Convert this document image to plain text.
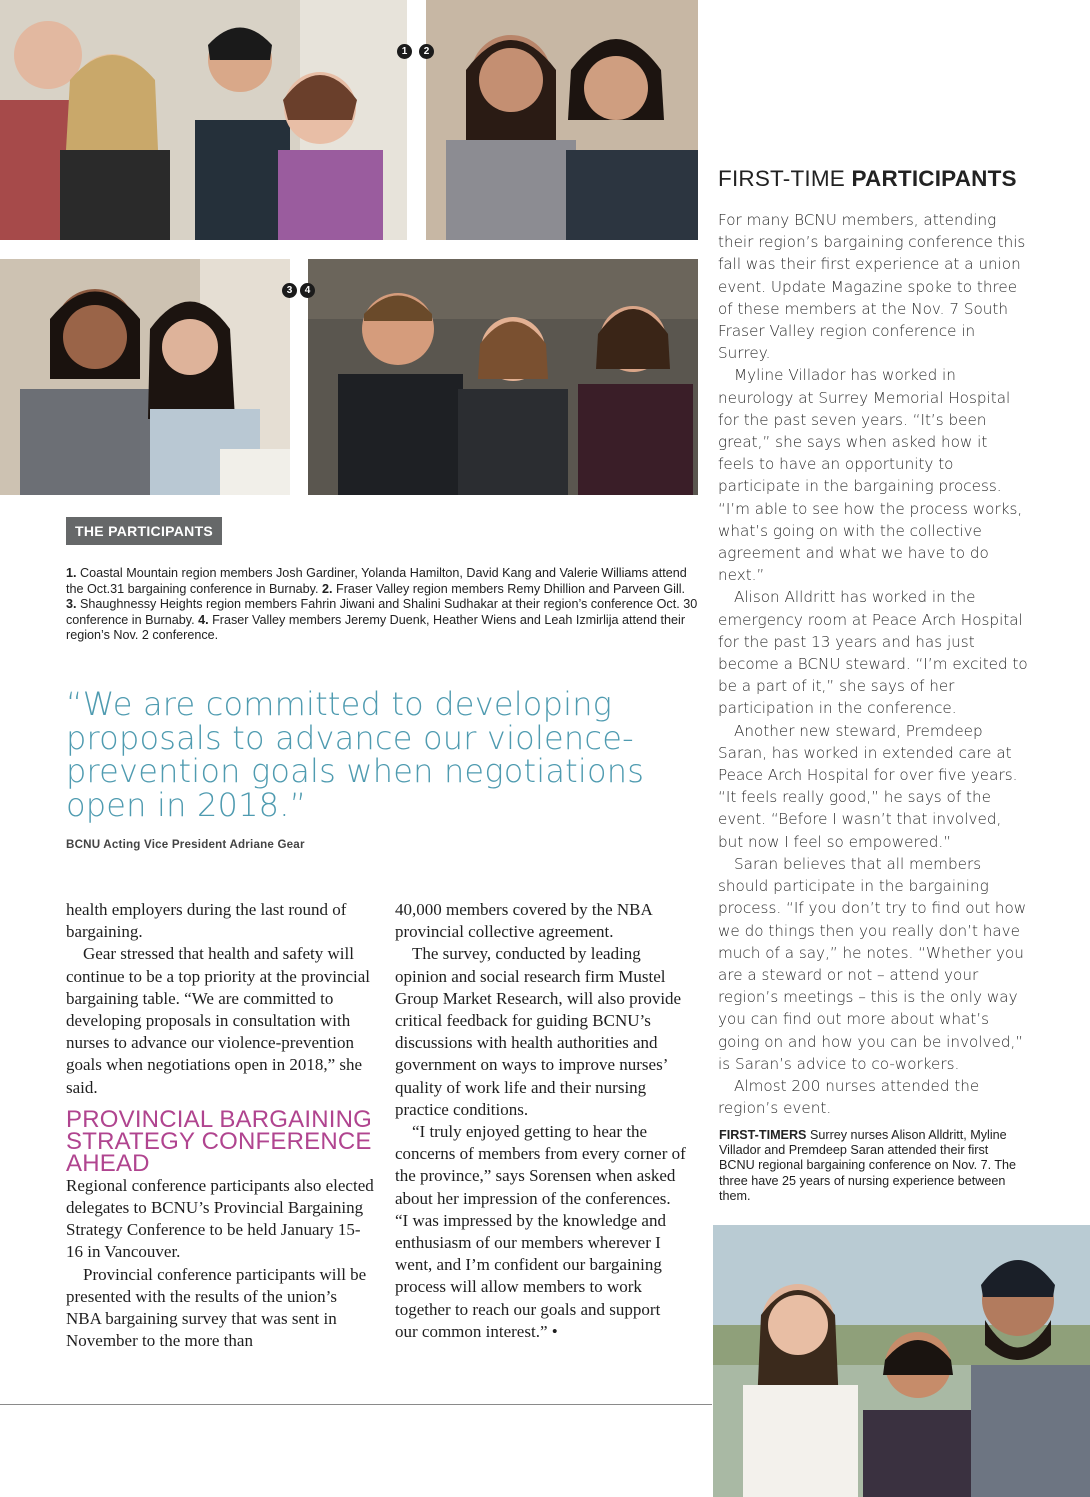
1	2
3	4
THE PARTICIPANTS
1. Coastal Mountain region members Josh Gardiner, Yolanda Hamilton, David Kang and Valerie Williams attend the Oct.31 bargaining conference in Burnaby. 2. Fraser Valley region members Remy Dhillion and Parveen Gill. 3. Shaughnessy Heights region members Fahrin Jiwani and Shalini Sudhakar at their region’s conference Oct. 30 conference in Burnaby. 4. Fraser Valley members Jeremy Duenk, Heather Wiens and Leah Izmirlija attend their region’s Nov. 2 conference.
“We are committed to developing proposals to advance our violence-prevention goals when negotiations open in 2018.”
BCNU Acting Vice President Adriane Gear

health employers during the last round of bargaining.

Gear stressed that health and safety will continue to be a top priority at the provincial bargaining table. “We are committed to developing proposals in consultation with nurses to advance our violence-prevention goals when negotiations open in 2018,” she said.

PROVINCIAL BARGAINING STRATEGY CONFERENCE AHEAD

Regional conference participants also elected delegates to BCNU’s Provincial Bargaining Strategy Conference to be held January 15-16 in Vancouver.

Provincial conference participants will be presented with the results of the union’s NBA bargaining survey that was sent in November to the more than

40,000 members covered by the NBA provincial collective agreement.

The survey, conducted by leading opinion and social research firm Mustel Group Market Research, will also provide critical feedback for guiding BCNU’s discussions with health authorities and government on ways to improve nurses’ quality of work life and their nursing practice conditions.

“I truly enjoyed getting to hear the concerns of members from every corner of the province,” says Sorensen when asked about her impression of the conferences. “I was impressed by the knowledge and enthusiasm of our members wherever I went, and I’m confident our bargaining process will allow members to work together to reach our goals and support our common interest.” •

FIRST-TIME PARTICIPANTS

For many BCNU members, attending their region’s bargaining conference this fall was their first experience at a union event. Update Magazine spoke to three of these members at the Nov. 7 South Fraser Valley region conference in Surrey.

Myline Villador has worked in neurology at Surrey Memorial Hospital for the past seven years. “It’s been great,” she says when asked how it feels to have an opportunity to participate in the bargaining process. “I’m able to see how the process works, what’s going on with the collective agreement and what we have to do next.”

Alison Alldritt has worked in the emergency room at Peace Arch Hospital for the past 13 years and has just become a BCNU steward. “I’m excited to be a part of it,” she says of her participation in the conference.

Another new steward, Premdeep Saran, has worked in extended care at Peace Arch Hospital for over five years. “It feels really good,” he says of the event. “Before I wasn’t that involved, but now I feel so empowered.”

Saran believes that all members should participate in the bargaining process. “If you don’t try to find out how we do things then you really don’t have much of a say,” he notes. “Whether you are a steward or not – attend your region’s meetings – this is the only way you can find out more about what’s going on and how you can be involved,” is Saran’s advice to co-workers.

Almost 200 nurses attended the region’s event.

FIRST-TIMERS Surrey nurses Alison Alldritt, Myline Villador and Premdeep Saran attended their first BCNU regional bargaining conference on Nov. 7. The three have 25 years of nursing experience between them.
